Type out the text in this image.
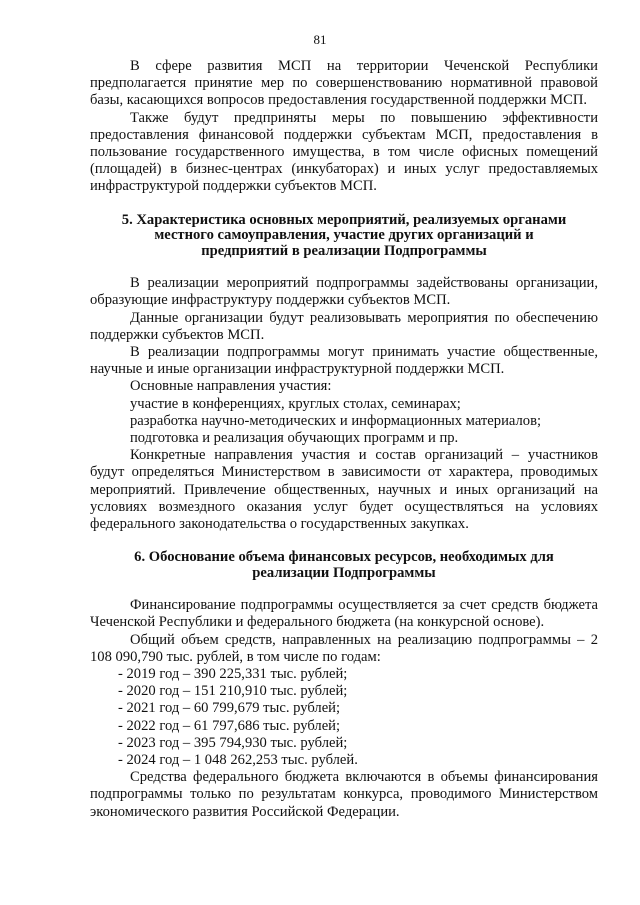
81

В сфере развития МСП на территории Чеченской Республики предполагается принятие мер по совершенствованию нормативной правовой базы, касающихся вопросов предоставления государственной поддержки МСП.

Также будут предприняты меры по повышению эффективности предоставления финансовой поддержки субъектам МСП, предоставления в пользование государственного имущества, в том числе офисных помещений (площадей) в бизнес-центрах (инкубаторах) и иных услуг предоставляемых инфраструктурой поддержки субъектов МСП.

5. Характеристика основных мероприятий, реализуемых органами

местного самоуправления, участие других организаций и

предприятий в реализации Подпрограммы

В реализации мероприятий подпрограммы задействованы организации, образующие инфраструктуру поддержки субъектов МСП.

Данные организации будут реализовывать мероприятия по обеспечению поддержки субъектов МСП.

В реализации подпрограммы могут принимать участие общественные, научные и иные организации инфраструктурной поддержки МСП.

Основные направления участия:

участие в конференциях, круглых столах, семинарах;

разработка научно-методических и информационных материалов;

подготовка и реализация обучающих программ и пр.

Конкретные направления участия и состав организаций – участников будут определяться Министерством в зависимости от характера, проводимых мероприятий. Привлечение общественных, научных и иных организаций на условиях возмездного оказания услуг будет осуществляться на условиях федерального законодательства о государственных закупках.

6. Обоснование объема финансовых ресурсов, необходимых для

реализации Подпрограммы

Финансирование подпрограммы осуществляется за счет средств бюджета Чеченской Республики и федерального бюджета (на конкурсной основе).

Общий объем средств, направленных на реализацию подпрограммы – 2 108 090,790 тыс. рублей, в том числе по годам:

- 2019 год – 390 225,331 тыс. рублей;

- 2020 год – 151 210,910 тыс. рублей;

- 2021 год – 60 799,679 тыс. рублей;

- 2022 год – 61 797,686 тыс. рублей;

- 2023 год – 395 794,930 тыс. рублей;

- 2024 год – 1 048 262,253 тыс. рублей.

Средства федерального бюджета включаются в объемы финансирования подпрограммы только по результатам конкурса, проводимого Министерством экономического развития Российской Федерации.
